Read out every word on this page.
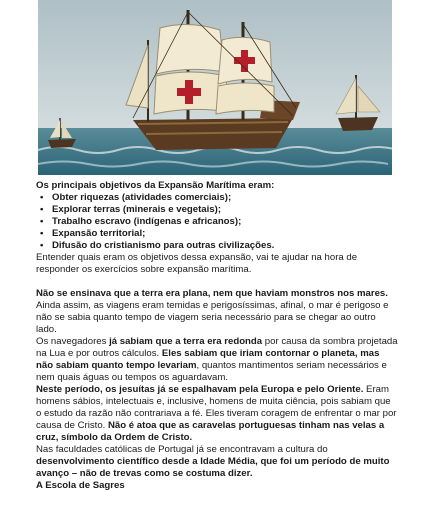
Os principais objetivos da Expansão Marítima eram:

• Obter riquezas (atividades comerciais);
• Explorar terras (minerais e vegetais);
• Trabalho escravo (indígenas e africanos);
• Expansão territorial;
• Difusão do cristianismo para outras civilizações.

Entender quais eram os objetivos dessa expansão, vai te ajudar na hora de responder os exercícios sobre expansão marítima.

Não se ensinava que a terra era plana, nem que haviam monstros nos mares. Ainda assim, as viagens eram temidas e perigosíssimas, afinal, o mar é perigoso e não se sabia quanto tempo de viagem seria necessário para se chegar ao outro lado.

Os navegadores já sabiam que a terra era redonda por causa da sombra projetada na Lua e por outros cálculos. Eles sabiam que iriam contornar o planeta, mas não sabiam quanto tempo levariam, quantos mantimentos seriam necessários e nem quais águas ou tempos os aguardavam.

Neste período, os jesuítas já se espalhavam pela Europa e pelo Oriente. Eram homens sábios, intelectuais e, inclusive, homens de muita ciência, pois sabiam que o estudo da razão não contrariava a fé. Eles tiveram coragem de enfrentar o mar por causa de Cristo. Não é atoa que as caravelas portuguesas tinham nas velas a cruz, símbolo da Ordem de Cristo.

Nas faculdades católicas de Portugal já se encontravam a cultura do desenvolvimento científico desde a Idade Média, que foi um período de muito avanço – não de trevas como se costuma dizer.

A Escola de Sagres
